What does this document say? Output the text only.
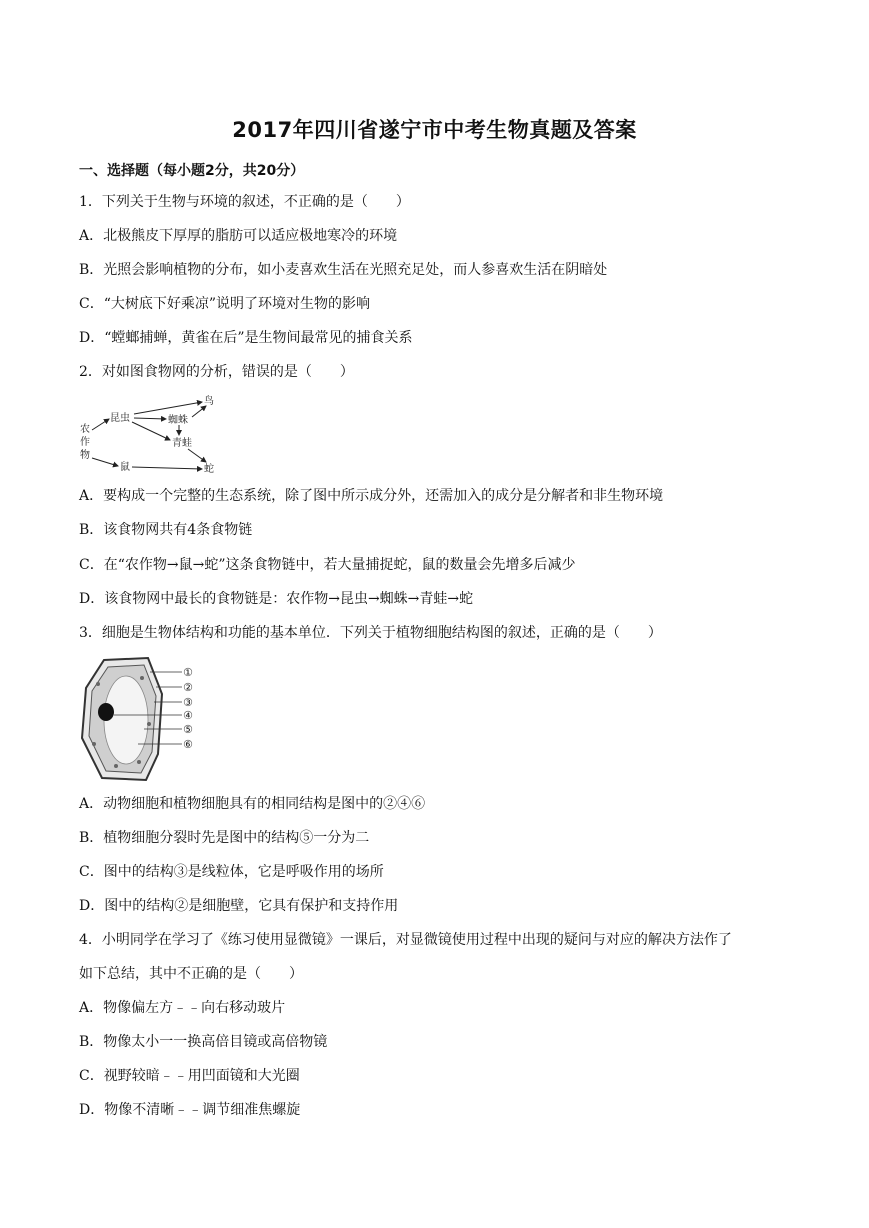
2017年四川省遂宁市中考生物真题及答案
一、选择题（每小题2分，共20分）
1．下列关于生物与环境的叙述，不正确的是（　　）
A．北极熊皮下厚厚的脂肪可以适应极地寒冷的环境
B．光照会影响植物的分布，如小麦喜欢生活在光照充足处，而人参喜欢生活在阴暗处
C．“大树底下好乘凉”说明了环境对生物的影响
D．“螳螂捕蝉，黄雀在后”是生物间最常见的捕食关系
2．对如图食物网的分析，错误的是（　　）
农
作
物
昆虫	蜘蛛
鸟
青蛙
鼠	蛇
A．要构成一个完整的生态系统，除了图中所示成分外，还需加入的成分是分解者和非生物环境
B．该食物网共有4条食物链
C．在“农作物→鼠→蛇”这条食物链中，若大量捕捉蛇，鼠的数量会先增多后减少
D．该食物网中最长的食物链是：农作物→昆虫→蜘蛛→青蛙→蛇
3．细胞是生物体结构和功能的基本单位．下列关于植物细胞结构图的叙述，正确的是（　　）
①
②
③
④
⑤
⑥
A．动物细胞和植物细胞具有的相同结构是图中的②④⑥
B．植物细胞分裂时先是图中的结构⑤一分为二
C．图中的结构③是线粒体，它是呼吸作用的场所
D．图中的结构②是细胞壁，它具有保护和支持作用
4．小明同学在学习了《练习使用显微镜》一课后，对显微镜使用过程中出现的疑问与对应的解决方法作了
如下总结，其中不正确的是（　　）
A．物像偏左方﹣﹣向右移动玻片
B．物像太小一一换高倍目镜或高倍物镜
C．视野较暗﹣﹣用凹面镜和大光圈
D．物像不清晰﹣﹣调节细准焦螺旋
